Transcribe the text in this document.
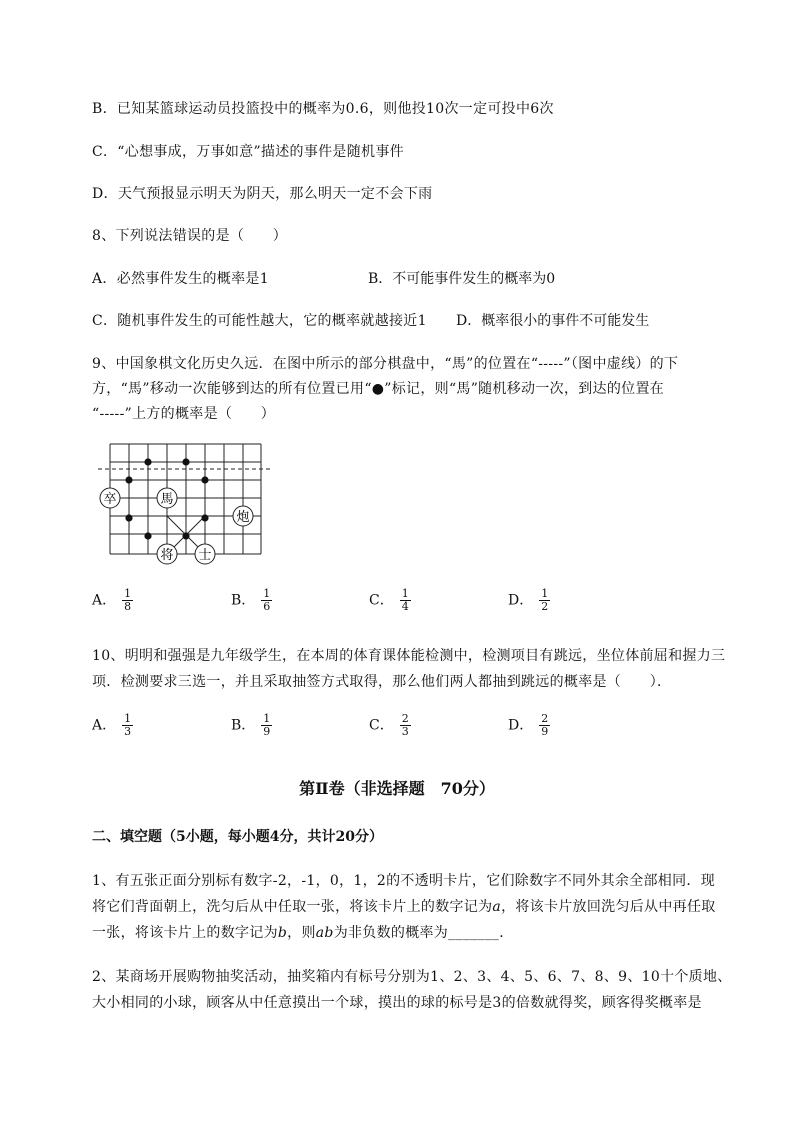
B．已知某篮球运动员投篮投中的概率为0.6，则他投10次一定可投中6次
C．“心想事成，万事如意”描述的事件是随机事件
D．天气预报显示明天为阴天，那么明天一定不会下雨
8、下列说法错误的是（　　）
A．必然事件发生的概率是1	B．不可能事件发生的概率为0
C．随机事件发生的可能性越大，它的概率就越接近1 D．概率很小的事件不可能发生
9、中国象棋文化历史久远．在图中所示的部分棋盘中，“馬”的位置在“-----”（图中虚线）的下
方，“馬”移动一次能够到达的所有位置已用“●”标记，则“馬”随机移动一次，到达的位置在
“-----”上方的概率是（　　）
卒	馬
炮
将 士
A． $\frac{1}{8}$	B． $\frac{1}{6}$	C． $\frac{1}{4}$	D． $\frac{1}{2}$
10、明明和强强是九年级学生，在本周的体育课体能检测中，检测项目有跳远，坐位体前屈和握力三
项．检测要求三选一，并且采取抽签方式取得，那么他们两人都抽到跳远的概率是（　　）．
A． $\frac{1}{3}$	B． $\frac{1}{9}$	C． $\frac{2}{3}$	D． $\frac{2}{9}$
第Ⅱ卷（非选择题　70分）
二、填空题（5小题，每小题4分，共计20分）
1、有五张正面分别标有数字-2，-1，0，1，2的不透明卡片，它们除数字不同外其余全部相同．现
将它们背面朝上，洗匀后从中任取一张，将该卡片上的数字记为a，将该卡片放回洗匀后从中再任取
一张，将该卡片上的数字记为b，则ab为非负数的概率为_______．
2、某商场开展购物抽奖活动，抽奖箱内有标号分别为1、2、3、4、5、6、7、8、9、10十个质地、
大小相同的小球，顾客从中任意摸出一个球，摸出的球的标号是3的倍数就得奖，顾客得奖概率是
